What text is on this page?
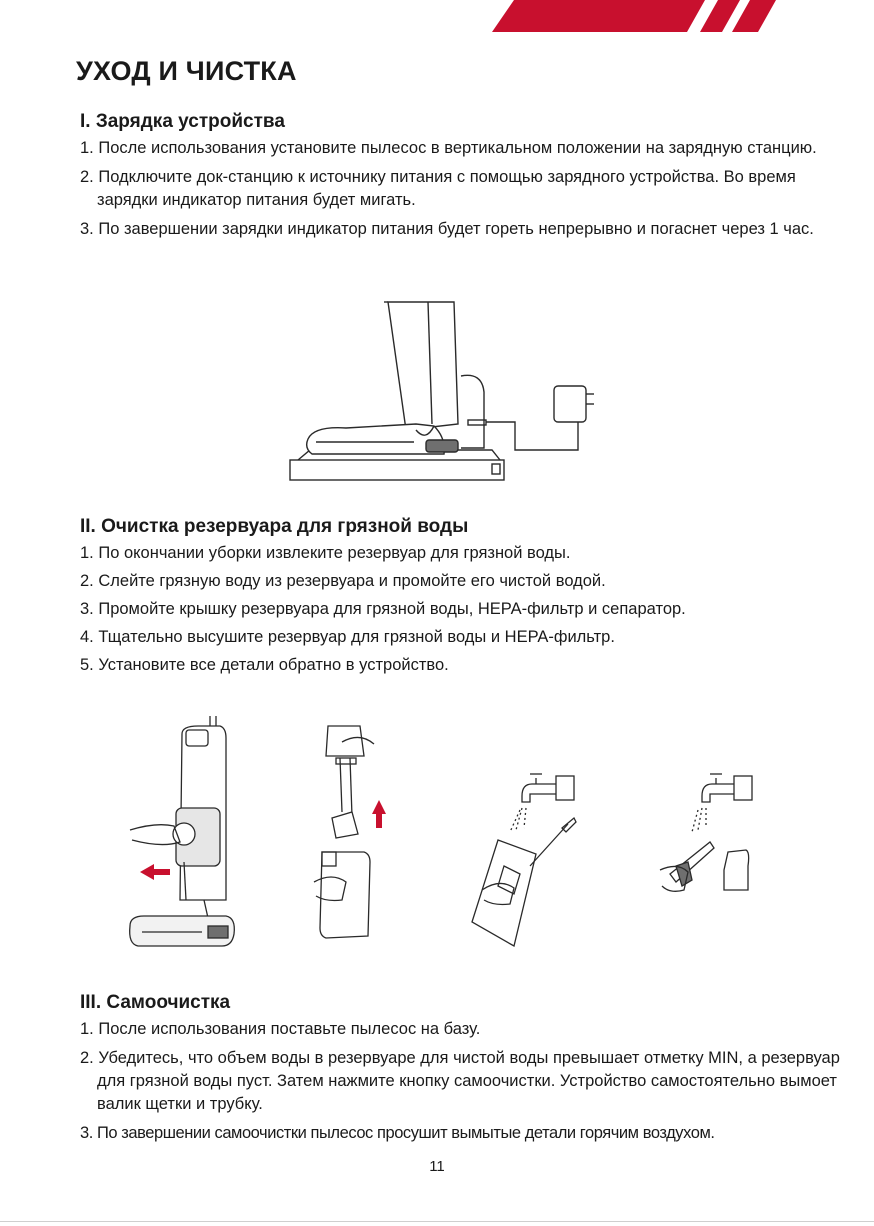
УХОД И ЧИСТКА
I. Зарядка устройства

1. После использования установите пылесос в вертикальном положении на зарядную станцию.

2. Подключите док-станцию к источнику питания с помощью зарядного устройства. Во время зарядки индикатор питания будет мигать.

3. По завершении зарядки индикатор питания будет гореть непрерывно и погаснет через 1 час.

II. Очистка резервуара для грязной воды

1. По окончании уборки извлеките резервуар для грязной воды.

2. Слейте грязную воду из резервуара и промойте его чистой водой.

3. Промойте крышку резервуара для грязной воды, HEPA-фильтр и сепаратор.

4. Тщательно высушите резервуар для грязной воды и HEPA-фильтр.

5. Установите все детали обратно в устройство.

III. Самоочистка

1. После использования поставьте пылесос на базу.

2. Убедитесь, что объем воды в резервуаре для чистой воды превышает отметку MIN, а резервуар для грязной воды пуст. Затем нажмите кнопку самоочистки. Устройство самостоятельно вымоет валик щетки и трубку.

3. По завершении самоочистки пылесос просушит вымытые детали горячим воздухом.

11
